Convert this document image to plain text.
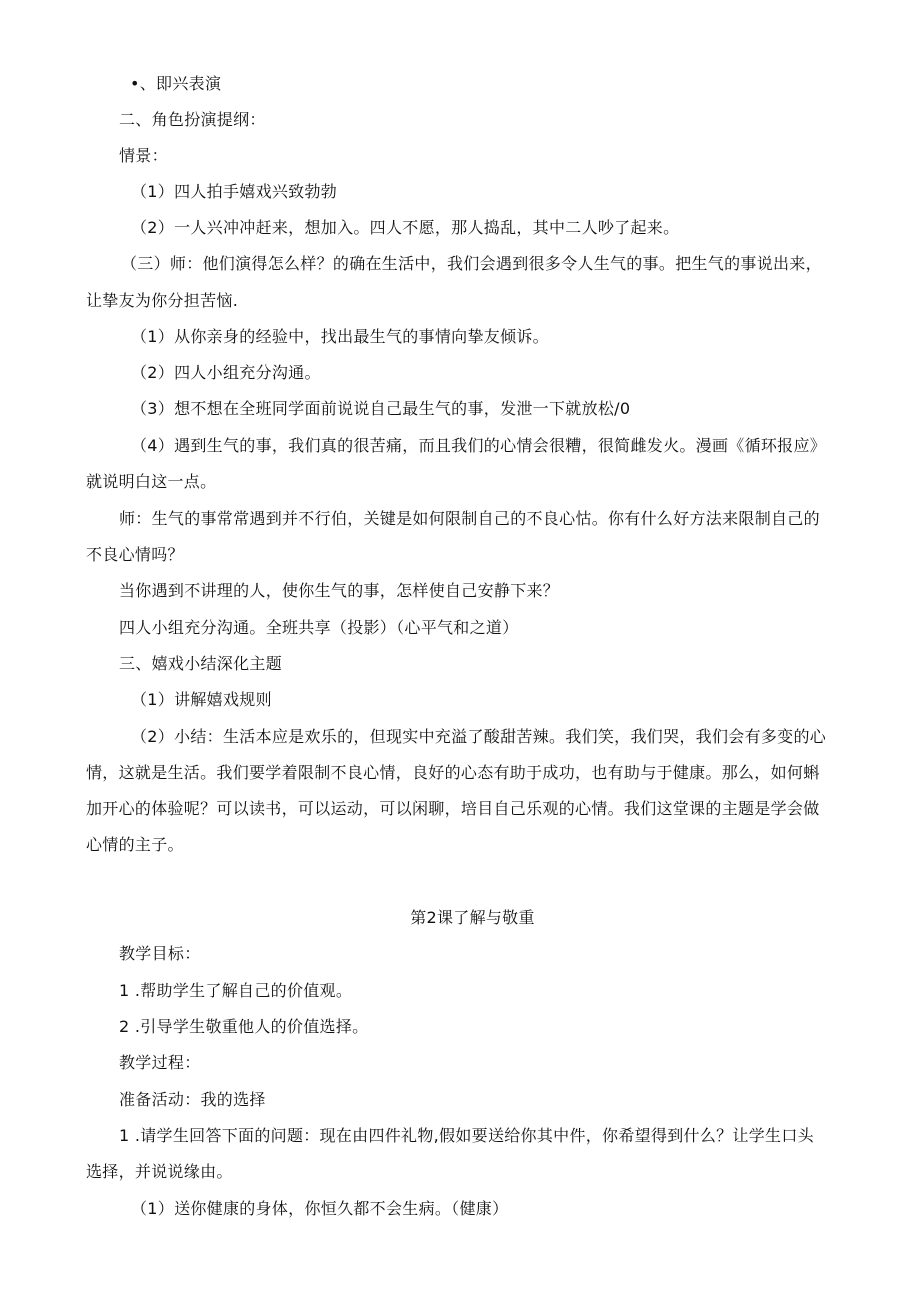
•、即兴表演
二、角色扮演提纲：
情景：
（1）四人拍手嬉戏兴致勃勃
（2）一人兴冲冲赶来，想加入。四人不愿，那人捣乱，其中二人吵了起来。
（三）师：他们演得怎么样？的确在生活中，我们会遇到很多令人生气的事。把生气的事说出来，
让挚友为你分担苦恼.
（1）从你亲身的经验中，找出最生气的事情向挚友倾诉。
（2）四人小组充分沟通。
（3）想不想在全班同学面前说说自己最生气的事，发泄一下就放松/0
（4）遇到生气的事，我们真的很苦痛，而且我们的心情会很糟，很简雌发火。漫画《循环报应》
就说明白这一点。
师：生气的事常常遇到并不行伯，关键是如何限制自己的不良心怙。你有什么好方法来限制自己的
不良心情吗？
当你遇到不讲理的人，使你生气的事，怎样使自己安静下来？
四人小组充分沟通。全班共享（投影）（心平气和之道）
三、嬉戏小结深化主题
（1）讲解嬉戏规则
（2）小结：生活本应是欢乐的，但现实中充溢了酸甜苦辣。我们笑，我们哭，我们会有多变的心
情，这就是生活。我们要学着限制不良心情，良好的心态有助于成功，也有助与于健康。那么，如何蝌
加开心的体验呢？可以读书，可以运动，可以闲聊，培目自己乐观的心情。我们这堂课的主题是学会做
心情的主子。
第2课了解与敬重
教学目标：
1 .帮助学生了解自己的价值观。
2 .引导学生敬重他人的价值选择。
教学过程：
准备活动：我的选择
1 .请学生回答下面的问题：现在由四件礼物,假如要送给你其中件，你希望得到什么？让学生口头
选择，并说说缘由。
（1）送你健康的身体，你恒久都不会生病。（健康）
